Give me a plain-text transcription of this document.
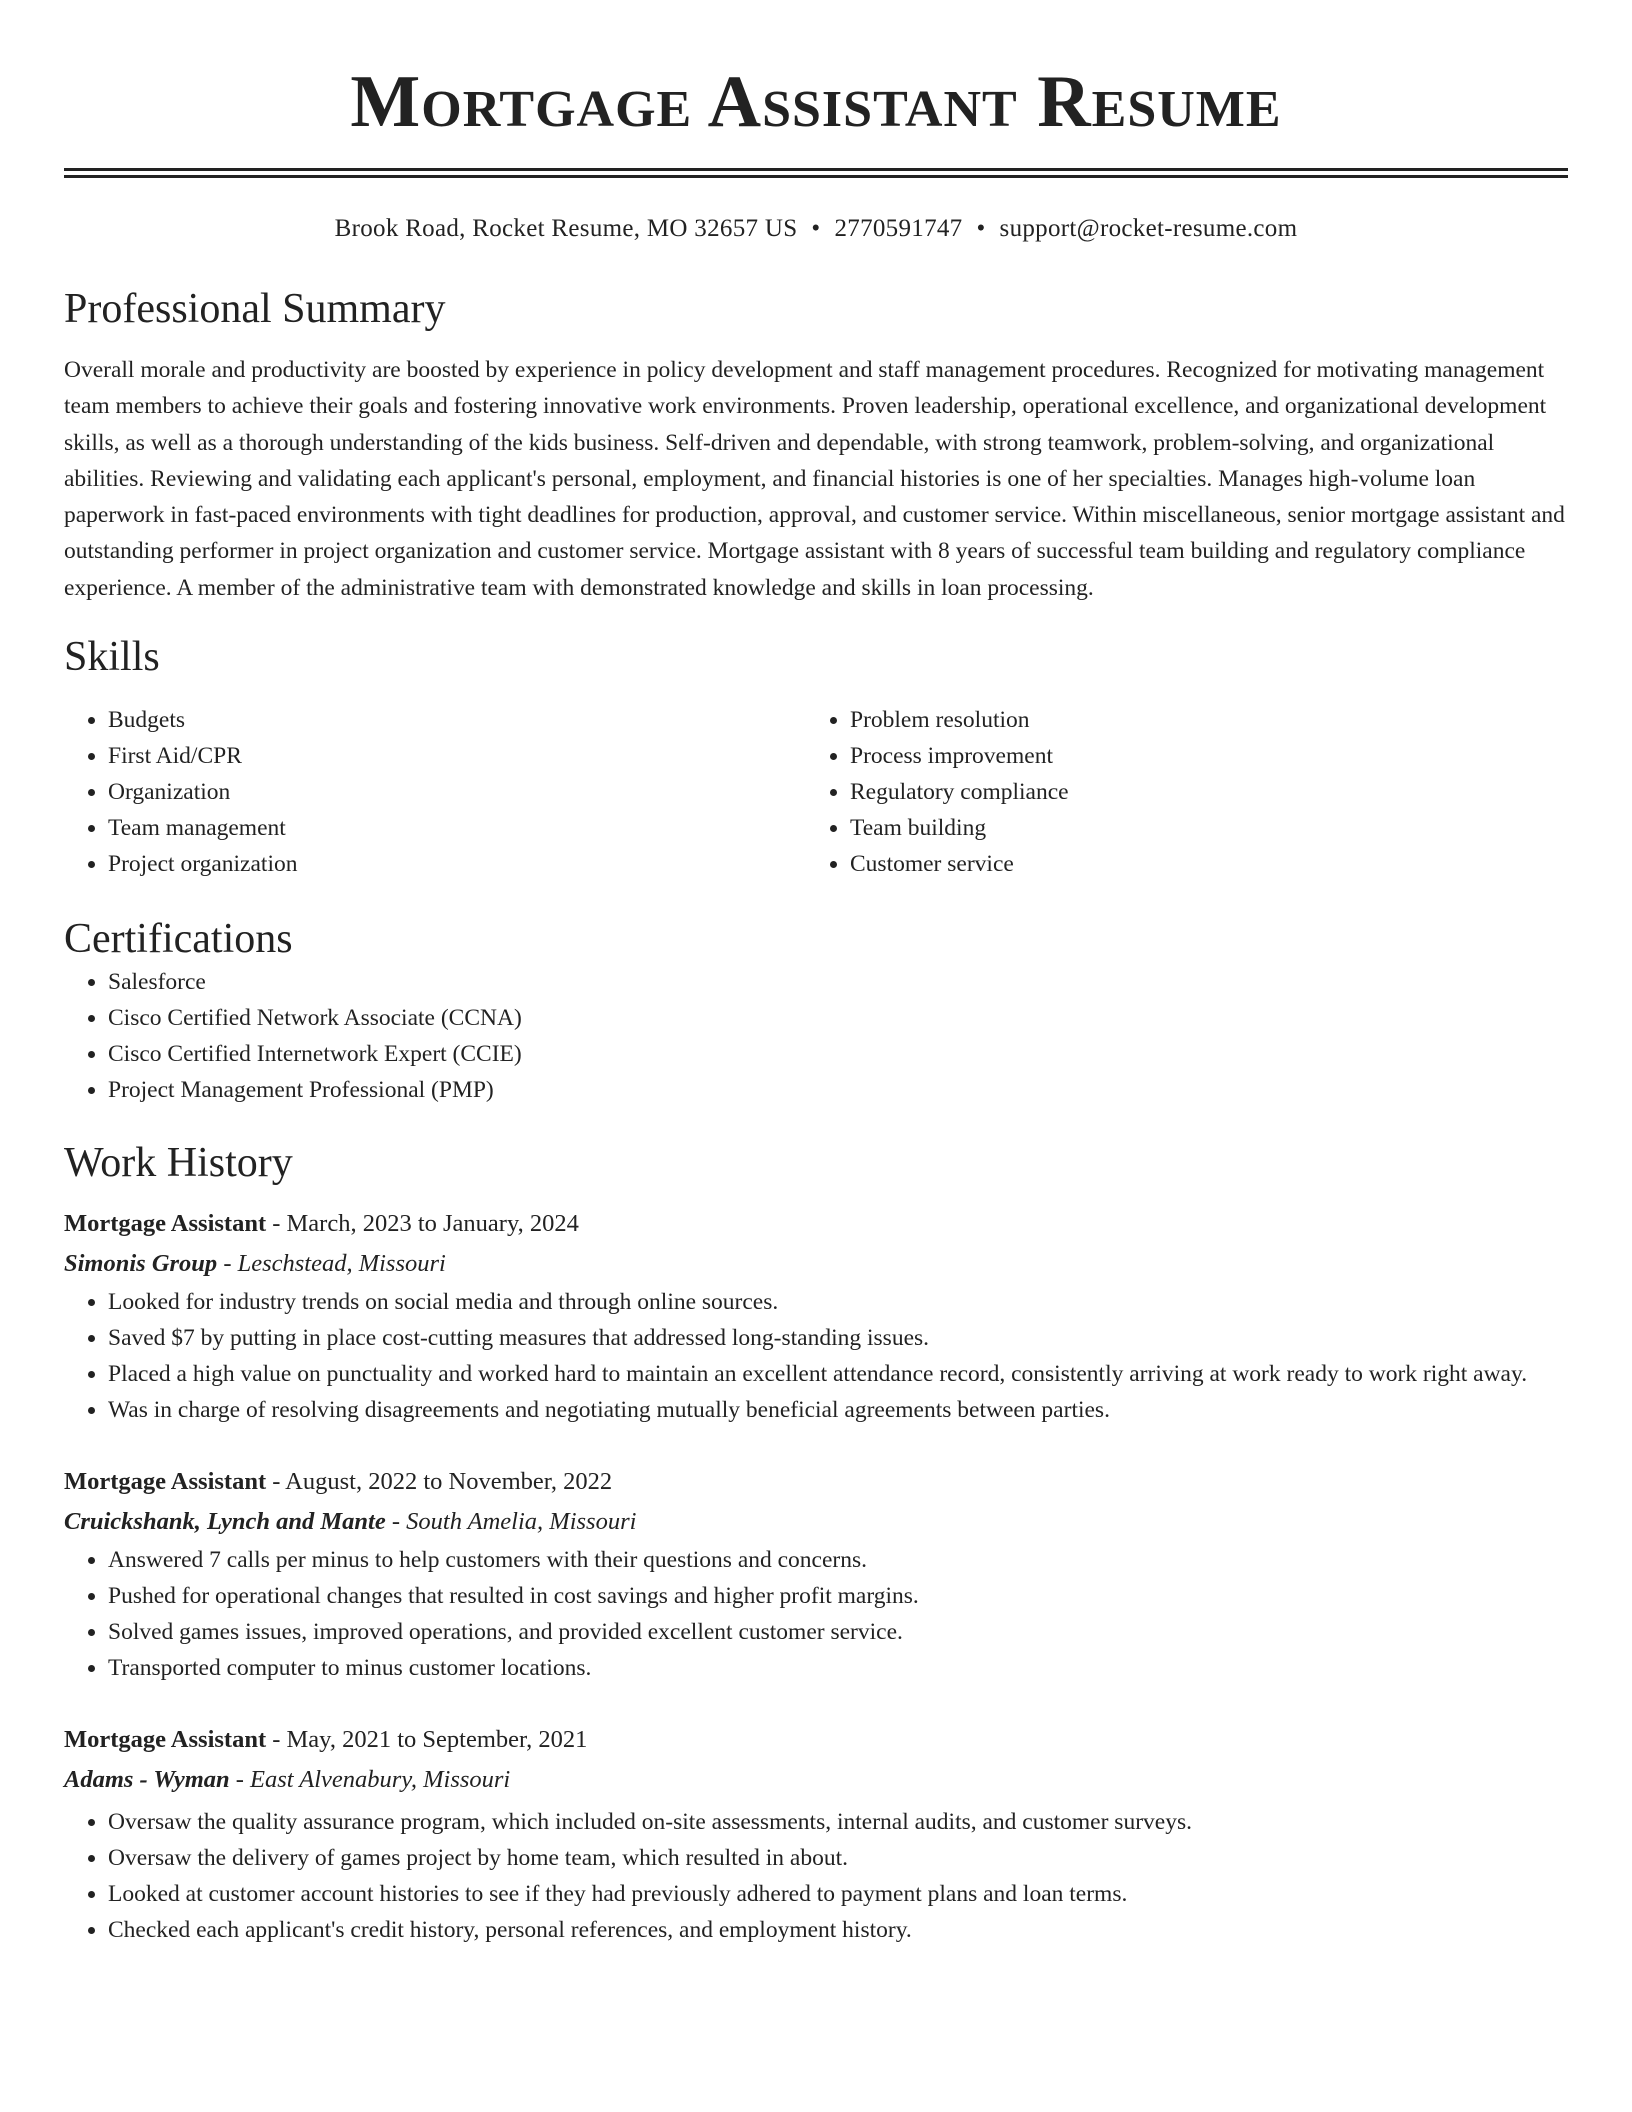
Mortgage Assistant Resume
Brook Road, Rocket Resume, MO 32657 US • 2770591747 • support@rocket-resume.com
Professional Summary
Overall morale and productivity are boosted by experience in policy development and staff management procedures. Recognized for motivating management team members to achieve their goals and fostering innovative work environments. Proven leadership, operational excellence, and organizational development skills, as well as a thorough understanding of the kids business. Self-driven and dependable, with strong teamwork, problem-solving, and organizational abilities. Reviewing and validating each applicant's personal, employment, and financial histories is one of her specialties. Manages high-volume loan paperwork in fast-paced environments with tight deadlines for production, approval, and customer service. Within miscellaneous, senior mortgage assistant and outstanding performer in project organization and customer service. Mortgage assistant with 8 years of successful team building and regulatory compliance experience. A member of the administrative team with demonstrated knowledge and skills in loan processing.
Skills
• Budgets
• First Aid/CPR
• Organization
• Team management
• Project organization
• Problem resolution
• Process improvement
• Regulatory compliance
• Team building
• Customer service
Certifications
• Salesforce
• Cisco Certified Network Associate (CCNA)
• Cisco Certified Internetwork Expert (CCIE)
• Project Management Professional (PMP)
Work History
Mortgage Assistant - March, 2023 to January, 2024
Simonis Group - Leschstead, Missouri
• Looked for industry trends on social media and through online sources.
• Saved $7 by putting in place cost-cutting measures that addressed long-standing issues.
• Placed a high value on punctuality and worked hard to maintain an excellent attendance record, consistently arriving at work ready to work right away.
• Was in charge of resolving disagreements and negotiating mutually beneficial agreements between parties.
Mortgage Assistant - August, 2022 to November, 2022
Cruickshank, Lynch and Mante - South Amelia, Missouri
• Answered 7 calls per minus to help customers with their questions and concerns.
• Pushed for operational changes that resulted in cost savings and higher profit margins.
• Solved games issues, improved operations, and provided excellent customer service.
• Transported computer to minus customer locations.
Mortgage Assistant - May, 2021 to September, 2021
Adams - Wyman - East Alvenabury, Missouri
• Oversaw the quality assurance program, which included on-site assessments, internal audits, and customer surveys.
• Oversaw the delivery of games project by home team, which resulted in about.
• Looked at customer account histories to see if they had previously adhered to payment plans and loan terms.
• Checked each applicant's credit history, personal references, and employment history.
